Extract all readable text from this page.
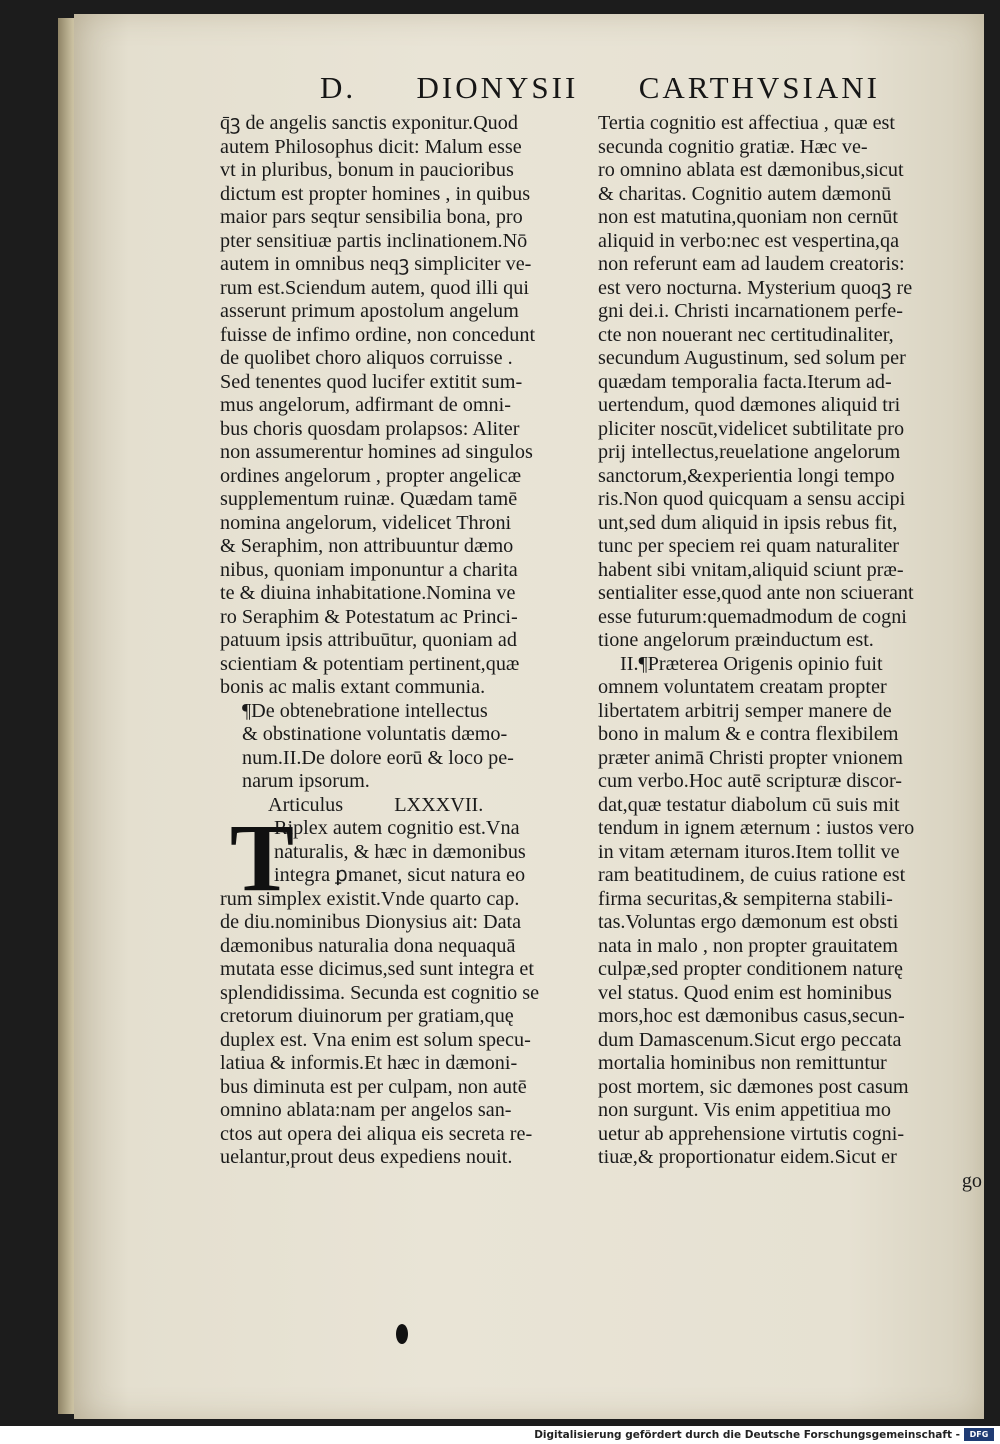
D. DIONYSII CARTHVSIANI
q̄ꝫ de angelis sanctis exponitur.Quod
autem Philosophus dicit: Malum esse
vt in pluribus, bonum in paucioribus
dictum est propter homines , in quibus
maior pars seqtur sensibilia bona, pro
pter sensitiuæ partis inclinationem.Nō
autem in omnibus neqꝫ simpliciter ve-
rum est.Sciendum autem, quod illi qui
asserunt primum apostolum angelum
fuisse de infimo ordine, non concedunt
de quolibet choro aliquos corruisse .
Sed tenentes quod lucifer extitit sum-
mus angelorum, adfirmant de omni-
bus choris quosdam prolapsos: Aliter
non assumerentur homines ad singulos
ordines angelorum , propter angelicæ
supplementum ruinæ. Quædam tamē
nomina angelorum, videlicet Throni
& Seraphim, non attribuuntur dæmo
nibus, quoniam imponuntur a charita
te & diuina inhabitatione.Nomina ve
ro Seraphim & Potestatum ac Princi-
patuum ipsis attribuūtur, quoniam ad
scientiam & potentiam pertinent,quæ
bonis ac malis extant communia.
¶De obtenebratione intellectus
& obstinatione voluntatis dæmo-
num.II.De dolore eorū & loco pe-
narum ipsorum.
Articulus	LXXXVII.
T
Riplex autem cognitio est.Vna
naturalis, & hæc in dæmonibus
integra ꝑmanet, sicut natura eo
rum simplex existit.Vnde quarto cap.
de diu.nominibus Dionysius ait: Data
dæmonibus naturalia dona nequaquā
mutata esse dicimus,sed sunt integra et
splendidissima. Secunda est cognitio se
cretorum diuinorum per gratiam,quę
duplex est. Vna enim est solum specu-
latiua & informis.Et hæc in dæmoni-
bus diminuta est per culpam, non autē
omnino ablata:nam per angelos san-
ctos aut opera dei aliqua eis secreta re-
uelantur,prout deus expediens nouit.
Tertia cognitio est affectiua , quæ est
secunda cognitio gratiæ. Hæc ve-
ro omnino ablata est dæmonibus,sicut
& charitas. Cognitio autem dæmonū
non est matutina,quoniam non cernūt
aliquid in verbo:nec est vespertina,qa
non referunt eam ad laudem creatoris:
est vero nocturna. Mysterium quoqꝫ re
gni dei.i. Christi incarnationem perfe-
cte non nouerant nec certitudinaliter,
secundum Augustinum, sed solum per
quædam temporalia facta.Iterum ad-
uertendum, quod dæmones aliquid tri
pliciter noscūt,videlicet subtilitate pro
prij intellectus,reuelatione angelorum
sanctorum,&experientia longi tempo
ris.Non quod quicquam a sensu accipi
unt,sed dum aliquid in ipsis rebus fit,
tunc per speciem rei quam naturaliter
habent sibi vnitam,aliquid sciunt præ-
sentialiter esse,quod ante non sciuerant
esse futurum:quemadmodum de cogni
tione angelorum præinductum est.
II.¶Præterea Origenis opinio fuit
omnem voluntatem creatam propter
libertatem arbitrij semper manere de
bono in malum & e contra flexibilem
præter animā Christi propter vnionem
cum verbo.Hoc autē scripturæ discor-
dat,quæ testatur diabolum cū suis mit
tendum in ignem æternum : iustos vero
in vitam æternam ituros.Item tollit ve
ram beatitudinem, de cuius ratione est
firma securitas,& sempiterna stabili-
tas.Voluntas ergo dæmonum est obsti
nata in malo , non propter grauitatem
culpæ,sed propter conditionem naturę
vel status. Quod enim est hominibus
mors,hoc est dæmonibus casus,secun-
dum Damascenum.Sicut ergo peccata
mortalia hominibus non remittuntur
post mortem, sic dæmones post casum
non surgunt. Vis enim appetitiua mo
uetur ab apprehensione virtutis cogni-
tiuæ,& proportionatur eidem.Sicut er
go
Digitalisierung gefördert durch die Deutsche Forschungsgemeinschaft -	DFG
